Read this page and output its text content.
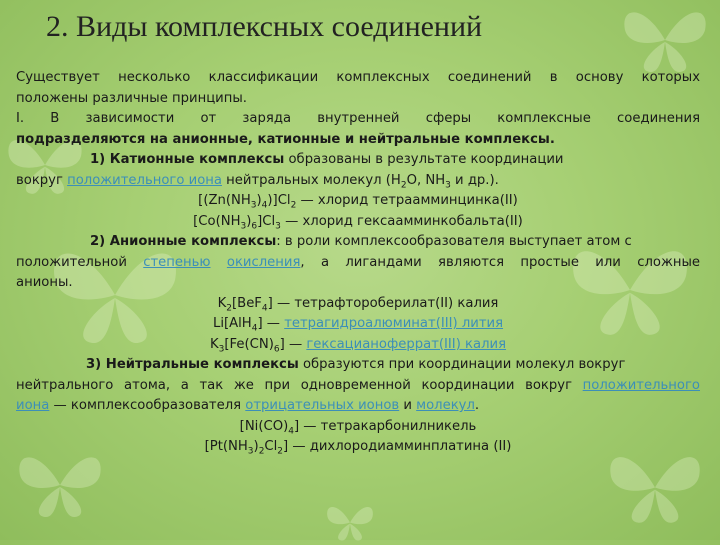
2. Виды комплексных соединений

Существует несколько классификации комплексных соединений в основу которых

положены различные принципы.

I. В зависимости от заряда внутренней сферы комплексные соединения

подразделяются на анионные, катионные и нейтральные комплексы.

1) Катионные комплексы образованы в результате координации

вокруг положительного иона нейтральных молекул ($H_2O$, $NH_3$ и др.).

$[(Zn(NH_3)_4)]Cl_2$ — хлорид тетраамминцинка(II)

$[Co(NH_3)_6]Cl_3$ — хлорид гексаамминкобальта(II)

2) Анионные комплексы: в роли комплексообразователя выступает атом с

положительной степенью окисления, а лигандами являются простые или сложные

анионы.

$K_2[BeF_4]$ — тетрафтороберилат(II) калия

Li[AlH$_4$] — тетрагидроалюминат(III) лития

$K_3[Fe(CN)_6]$ — гексацианоферрат(III) калия

3) Нейтральные комплексы образуются при координации молекул вокруг

нейтрального атома, а так же при одновременной координации вокруг положительного

иона — комплексообразователя отрицательных ионов и молекул.

$[Ni(CO)_4]$ — тетракарбонилникель

$[Pt(NH_3)_2Cl_2]$ — дихлородиамминплатина (II)
